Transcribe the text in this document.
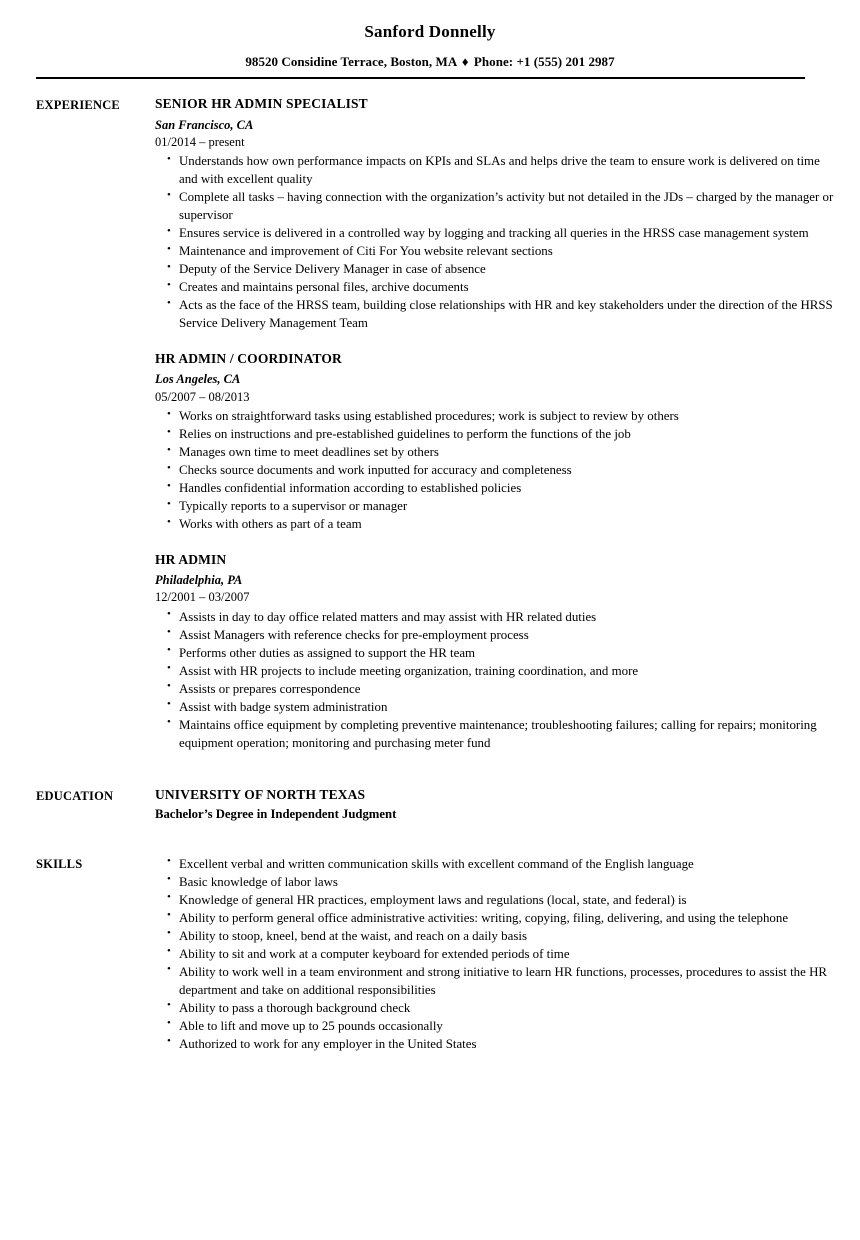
Sanford Donnelly
98520 Considine Terrace, Boston, MA ♦ Phone: +1 (555) 201 2987
EXPERIENCE	SENIOR HR ADMIN SPECIALIST
San Francisco, CA
01/2014 – present
• Understands how own performance impacts on KPIs and SLAs and helps drive the team to ensure work is delivered on time and with excellent quality
• Complete all tasks – having connection with the organization’s activity but not detailed in the JDs – charged by the manager or supervisor
• Ensures service is delivered in a controlled way by logging and tracking all queries in the HRSS case management system
• Maintenance and improvement of Citi For You website relevant sections
• Deputy of the Service Delivery Manager in case of absence
• Creates and maintains personal files, archive documents
• Acts as the face of the HRSS team, building close relationships with HR and key stakeholders under the direction of the HRSS Service Delivery Management Team
HR ADMIN / COORDINATOR
Los Angeles, CA
05/2007 – 08/2013
• Works on straightforward tasks using established procedures; work is subject to review by others
• Relies on instructions and pre-established guidelines to perform the functions of the job
• Manages own time to meet deadlines set by others
• Checks source documents and work inputted for accuracy and completeness
• Handles confidential information according to established policies
• Typically reports to a supervisor or manager
• Works with others as part of a team
HR ADMIN
Philadelphia, PA
12/2001 – 03/2007
• Assists in day to day office related matters and may assist with HR related duties
• Assist Managers with reference checks for pre-employment process
• Performs other duties as assigned to support the HR team
• Assist with HR projects to include meeting organization, training coordination, and more
• Assists or prepares correspondence
• Assist with badge system administration
• Maintains office equipment by completing preventive maintenance; troubleshooting failures; calling for repairs; monitoring equipment operation; monitoring and purchasing meter fund
EDUCATION	UNIVERSITY OF NORTH TEXAS
Bachelor’s Degree in Independent Judgment
SKILLS	• Excellent verbal and written communication skills with excellent command of the English language
• Basic knowledge of labor laws
• Knowledge of general HR practices, employment laws and regulations (local, state, and federal) is
• Ability to perform general office administrative activities: writing, copying, filing, delivering, and using the telephone
• Ability to stoop, kneel, bend at the waist, and reach on a daily basis
• Ability to sit and work at a computer keyboard for extended periods of time
• Ability to work well in a team environment and strong initiative to learn HR functions, processes, procedures to assist the HR department and take on additional responsibilities
• Ability to pass a thorough background check
• Able to lift and move up to 25 pounds occasionally
• Authorized to work for any employer in the United States
